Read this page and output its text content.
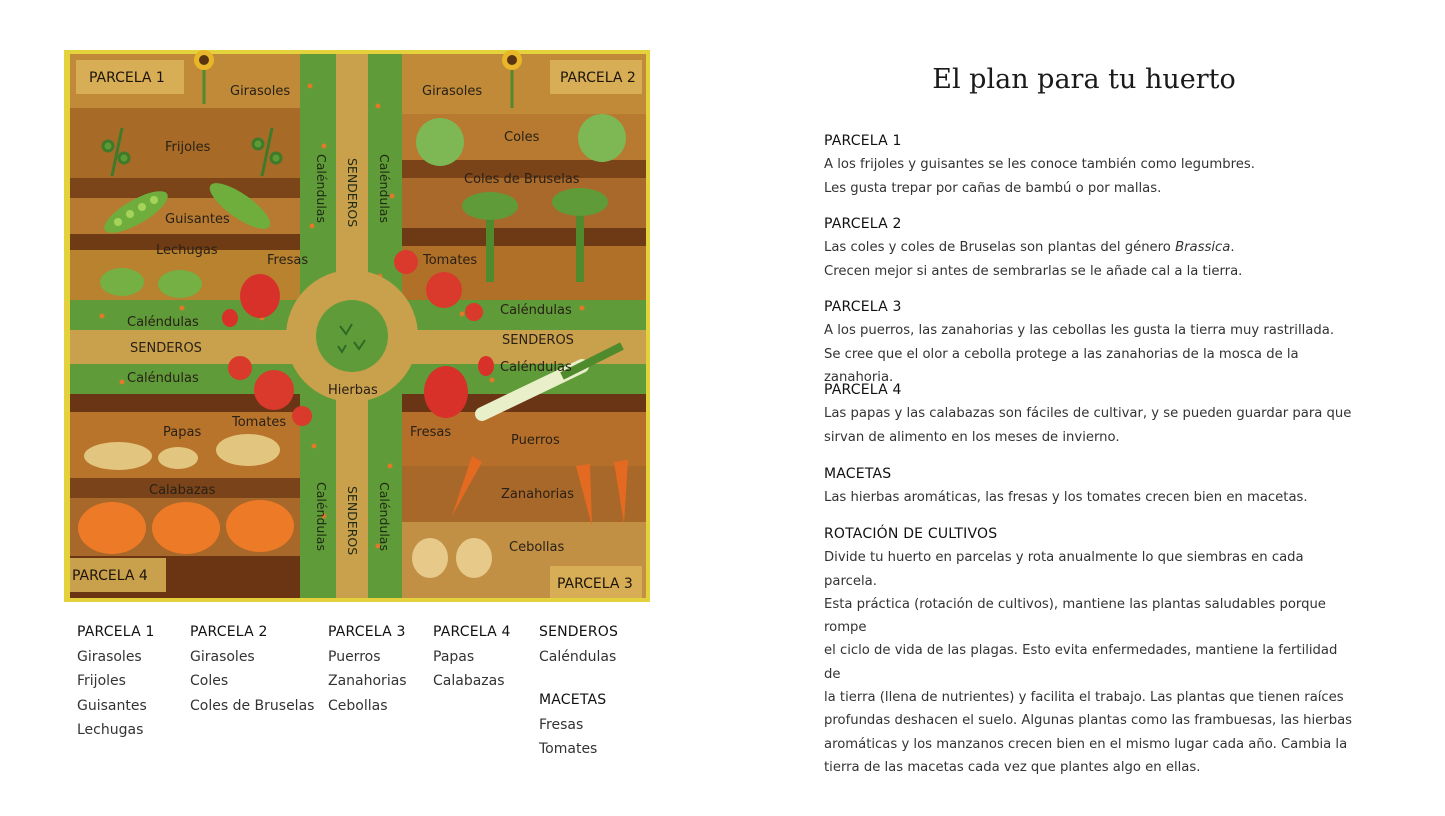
PARCELA 1	PARCELA 2
PARCELA 3
PARCELA 4
Girasoles	Girasoles
Frijoles
Guisantes
Lechugas
Fresas
Caléndulas
SENDEROS
Caléndulas
Hierbas
Tomates
Papas
Calabazas
Coles
Coles de Bruselas
Tomates
Caléndulas
SENDEROS
Caléndulas
Fresas
Puerros
Zanahorias
Cebollas
Caléndulas SENDEROS Caléndulas
Caléndulas SENDEROS Caléndulas
PARCELA 1
Girasoles
Frijoles
Guisantes
Lechugas
PARCELA 2
Girasoles
Coles
Coles de Bruselas
PARCELA 3
Puerros
Zanahorias
Cebollas
PARCELA 4
Papas
Calabazas
SENDEROS
Caléndulas
MACETAS
Fresas
Tomates
El plan para tu huerto
PARCELA 1

A los frijoles y guisantes se les conoce también como legumbres.

Les gusta trepar por cañas de bambú o por mallas.

PARCELA 2

Las coles y coles de Bruselas son plantas del género Brassica.

Crecen mejor si antes de sembrarlas se le añade cal a la tierra.

PARCELA 3

A los puerros, las zanahorias y las cebollas les gusta la tierra muy rastrillada.

Se cree que el olor a cebolla protege a las zanahorias de la mosca de la zanahoria.

PARCELA 4

Las papas y las calabazas son fáciles de cultivar, y se pueden guardar para que

sirvan de alimento en los meses de invierno.

MACETAS

Las hierbas aromáticas, las fresas y los tomates crecen bien en macetas.

ROTACIÓN DE CULTIVOS

Divide tu huerto en parcelas y rota anualmente lo que siembras en cada parcela.

Esta práctica (rotación de cultivos), mantiene las plantas saludables porque rompe

el ciclo de vida de las plagas. Esto evita enfermedades, mantiene la fertilidad de

la tierra (llena de nutrientes) y facilita el trabajo. Las plantas que tienen raíces

profundas deshacen el suelo. Algunas plantas como las frambuesas, las hierbas

aromáticas y los manzanos crecen bien en el mismo lugar cada año. Cambia la

tierra de las macetas cada vez que plantes algo en ellas.
